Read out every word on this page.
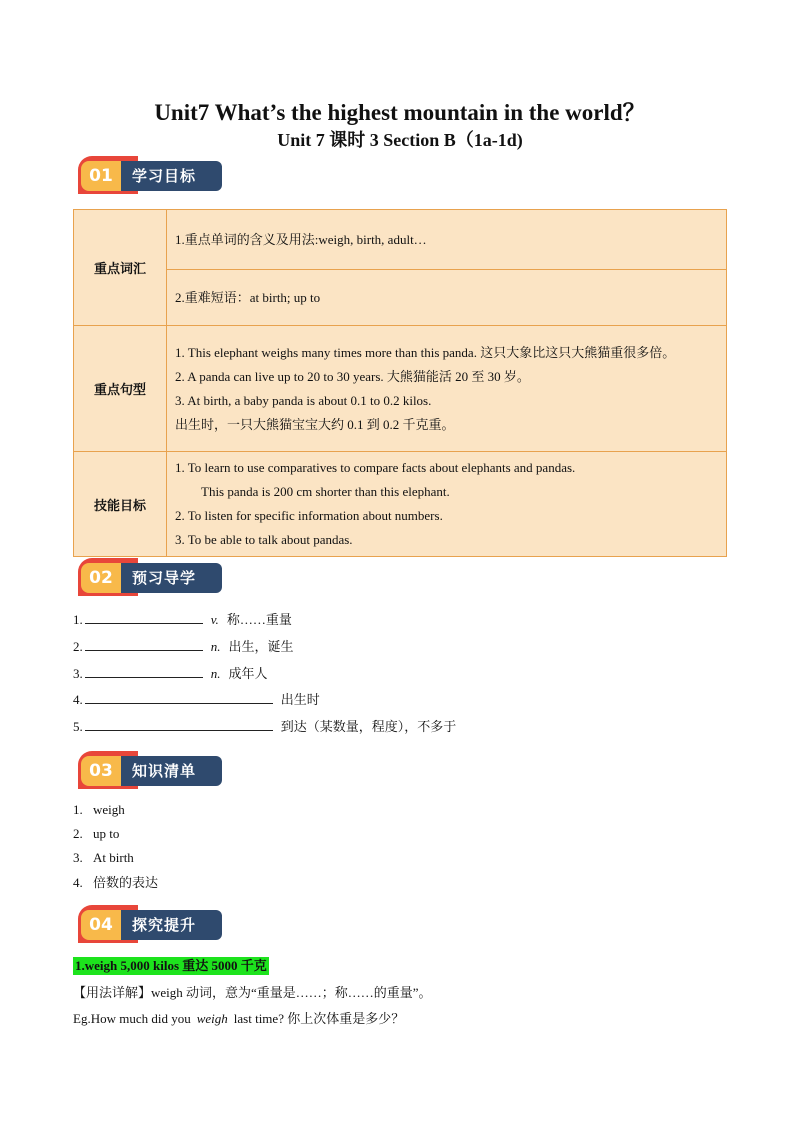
Unit7 What’s the highest mountain in the world？
Unit 7 课时 3 Section B（1a-1d)
学习目标
01
重点词汇	1.重点单词的含义及用法:weigh, birth, adult…
	2.重难短语：at birth; up to
重点句型	1. This elephant weighs many times more than this panda. 这只大象比这只大熊猫重很多倍。
2. A panda can live up to 20 to 30 years. 大熊猫能活 20 至 30 岁。
3. At birth, a baby panda is about 0.1 to 0.2 kilos.
出生时，一只大熊猫宝宝大约 0.1 到 0.2 千克重。

技能目标	1. To learn to use comparatives to compare facts about elephants and pandas.
This panda is 200 cm shorter than this elephant.
2. To listen for specific information about numbers.
3. To be able to talk about pandas.
预习导学
02
1.	v. 称……重量
2.	n. 出生，诞生
3.	n. 成年人
4.	出生时
5.	到达（某数量，程度），不多于
知识清单
03
1. weigh
2. up to
3. At birth
4. 倍数的表达
探究提升
04
1.weigh 5,000 kilos 重达 5000 千克
【用法详解】weigh 动词，意为“重量是……；称……的重量”。
Eg.How much did you weigh last time? 你上次体重是多少？
